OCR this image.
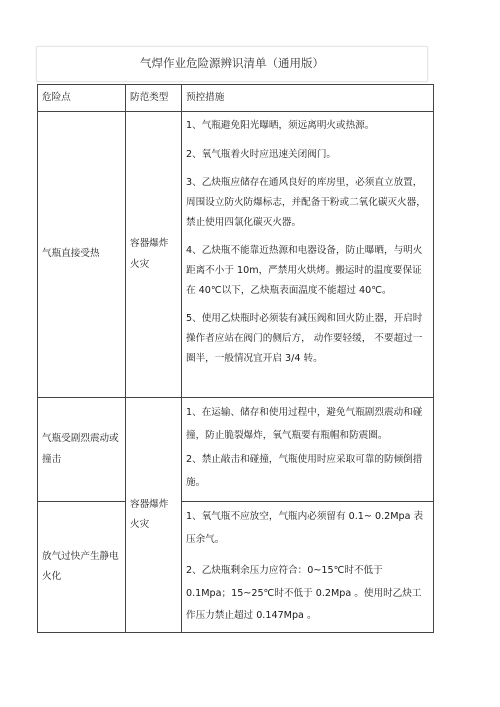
气焊作业危险源辨识清单（通用版）
危险点	防范类型	预控措施

气瓶直接受热	容器爆炸火灾	1、气瓶避免阳光曝晒，须远离明火或热源。

2、氧气瓶着火时应迅速关闭阀门。

3、乙炔瓶应储存在通风良好的库房里，必须直立放置，周围设立防火防爆标志，并配备干粉或二氧化碳灭火器，禁止使用四氯化碳灭火器。

4、乙炔瓶不能靠近热源和电器设备，防止曝晒，与明火距离不小于 10m，严禁用火烘烤。搬运时的温度要保证在 40℃以下，乙炔瓶表面温度不能超过 40℃。

5、使用乙炔瓶时必须装有减压阀和回火防止器，开启时操作者应站在阀门的侧后方， 动作要轻缓， 不要超过一圈半，一般情况宜开启 3/4 转。

气瓶受剧烈震动或撞击	容器爆炸火灾	1、在运输、储存和使用过程中，避免气瓶剧烈震动和碰撞，防止脆裂爆炸，氧气瓶要有瓶帽和防震圈。

2、禁止敲击和碰撞，气瓶使用时应采取可靠的防倾倒措施。

放气过快产生静电火化		1、氧气瓶不应放空，气瓶内必须留有 0.1~ 0.2Mpa 表压余气。

2、乙炔瓶剩余压力应符合：0~15℃时不低于 0.1Mpa；15~25℃时不低于 0.2Mpa 。使用时乙炔工作压力禁止超过 0.147Mpa 。
